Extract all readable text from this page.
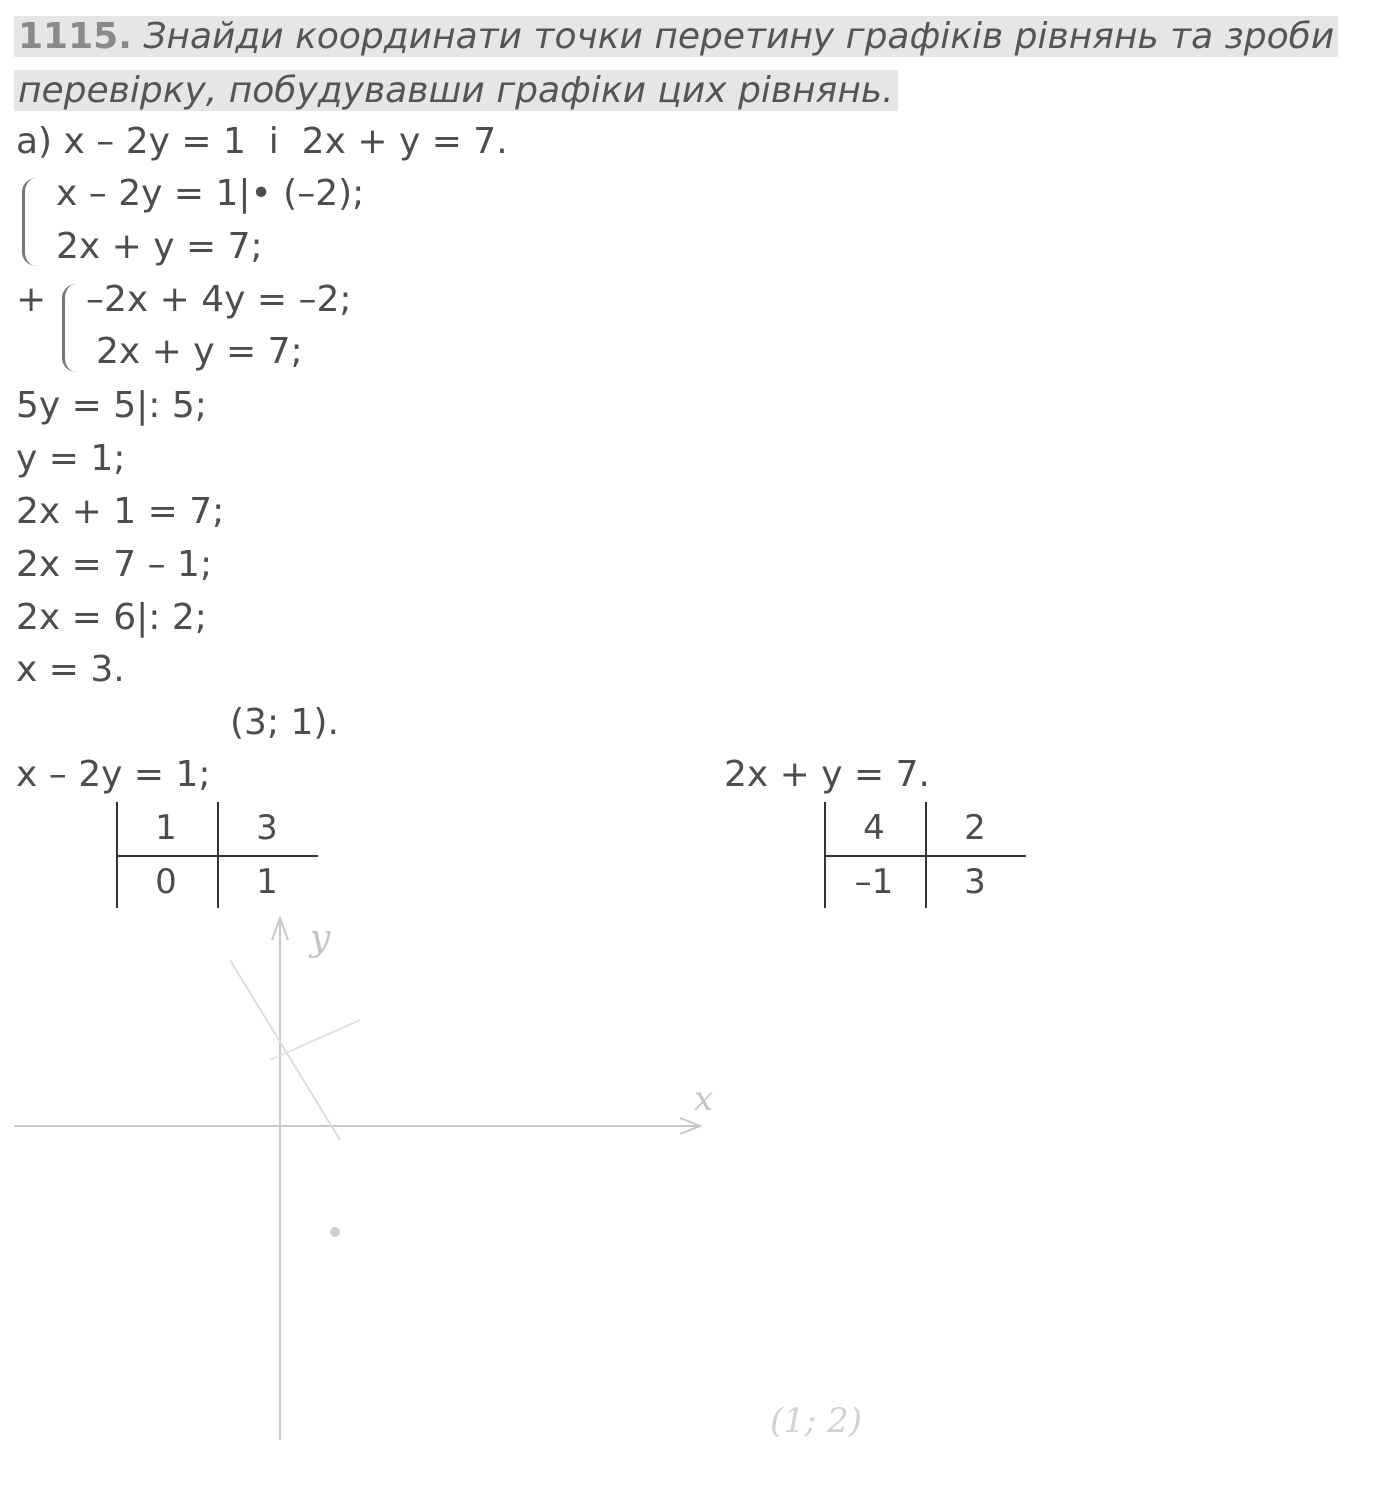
1115. Знайди координати точки перетину графіків рівнянь та зроби
перевірку, побудувавши графіки цих рівнянь.
а) x – 2y = 1  і  2x + y = 7.
x – 2y = 1|• (–2);
2x + y = 7;
+ –2x + 4y = –2;
2x + y = 7;
5y = 5|: 5;
y = 1;
2x + 1 = 7;
2x = 7 – 1;
2x = 6|: 2;
x = 3.
(3; 1).
x – 2y = 1;	2x + y = 7.
1	3
0	1
4	2
–1	3
y
x
(1; 2)
